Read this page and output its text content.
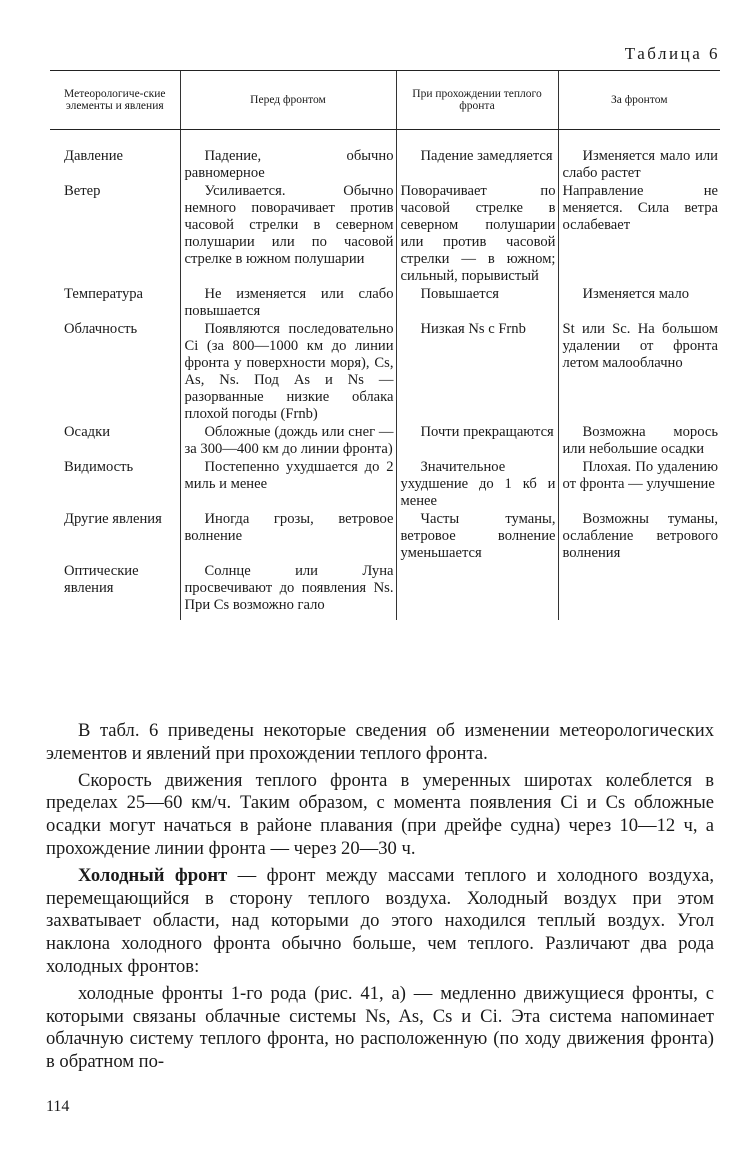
Таблица 6
Метеорологиче-ские элементы и явления	Перед фронтом	При прохождении теплого фронта	За фронтом
Давление	Падение, обычно равномерное	Падение замедляется	Изменяется мало или слабо растет
Ветер	Усиливается. Обычно немного поворачивает против часовой стрелки в северном полушарии или по часовой стрелке в южном полушарии	Поворачивает по часовой стрелке в северном полушарии или против часовой стрелки — в южном; сильный, порывистый	Направление не меняется. Сила ветра ослабевает
Температура	Не изменяется или слабо повышается	Повышается	Изменяется мало
Облачность	Появляются последовательно Ci (за 800—1000 км до линии фронта у поверхности моря), Cs, As, Ns. Под As и Ns — разорванные низкие облака плохой погоды (Frnb)	Низкая Ns с Frnb	St или Sc. На большом удалении от фронта летом малооблачно
Осадки	Обложные (дождь или снег — за 300—400 км до линии фронта)	Почти прекращаются	Возможна морось или небольшие осадки
Видимость	Постепенно ухудшается до 2 миль и менее	Значительное ухудшение до 1 кб и менее	Плохая. По удалению от фронта — улучшение
Другие явления	Иногда грозы, ветровое волнение	Часты туманы, ветровое волнение уменьшается	Возможны туманы, ослабление ветрового волнения
Оптические явления	Солнце или Луна просвечивают до появления Ns. При Cs возможно гало		

В табл. 6 приведены некоторые сведения об изменении метеорологических элементов и явлений при прохождении теплого фронта.

Скорость движения теплого фронта в умеренных широтах колеблется в пределах 25—60 км/ч. Таким образом, с момента появления Ci и Cs обложные осадки могут начаться в районе плавания (при дрейфе судна) через 10—12 ч, а прохождение линии фронта — через 20—30 ч.

Холодный фронт — фронт между массами теплого и холодного воздуха, перемещающийся в сторону теплого воздуха. Холодный воздух при этом захватывает области, над которыми до этого находился теплый воздух. Угол наклона холодного фронта обычно больше, чем теплого. Различают два рода холодных фронтов:

холодные фронты 1-го рода (рис. 41, а) — медленно движущиеся фронты, с которыми связаны облачные системы Ns, As, Cs и Ci. Эта система напоминает облачную систему теплого фронта, но расположенную (по ходу движения фронта) в обратном по-

114
